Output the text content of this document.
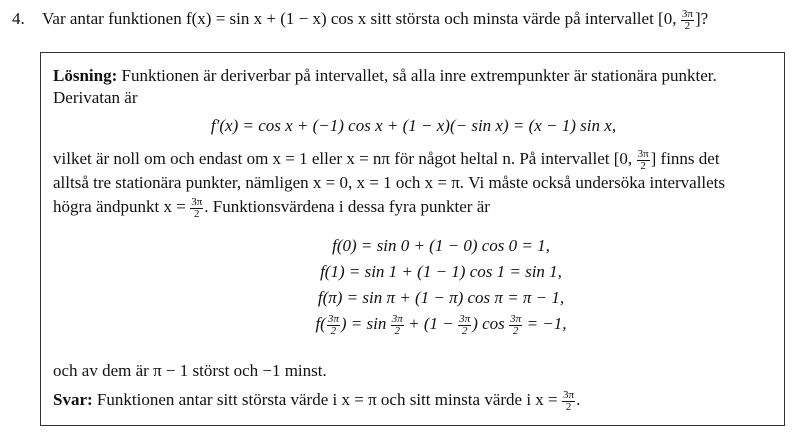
4. Var antar funktionen f(x) = sin x + (1 − x) cos x sitt största och minsta värde på intervallet [0,  $\frac{3\pi}{2}$ ]?
Lösning: Funktionen är deriverbar på intervallet, så alla inre extrempunkter är stationära punkter.
Derivatan är
f′(x) = cos x + (−1) cos x + (1 − x)(− sin x) = (x − 1) sin x,
vilket är noll om och endast om x = 1 eller x = nπ för något heltal n. På intervallet [0,  $\frac{3\pi}{2}$ ] finns det
alltså tre stationära punkter, nämligen x = 0, x = 1 och x = π. Vi måste också undersöka intervallets
högra ändpunkt $x = \frac{3\pi}{2}$ . Funktionsvärdena i dessa fyra punkter är
f(0) = sin 0 + (1 − 0) cos 0 = 1,
f(1) = sin 1 + (1 − 1) cos 1 = sin 1,
f(π) = sin π + (1 − π) cos π = π − 1,
$f( \frac{3\pi}{2}$ ) = $\sin \frac{3\pi}{2}$
  + ($1 - \frac{3\pi}{2}$ ) $\cos \frac{3\pi}{2}$
  = −1,
och av dem är π − 1 störst och −1 minst.
Svar: Funktionen antar sitt största värde i x = π och sitt minsta värde i $x = \frac{3\pi}{2}$ .
